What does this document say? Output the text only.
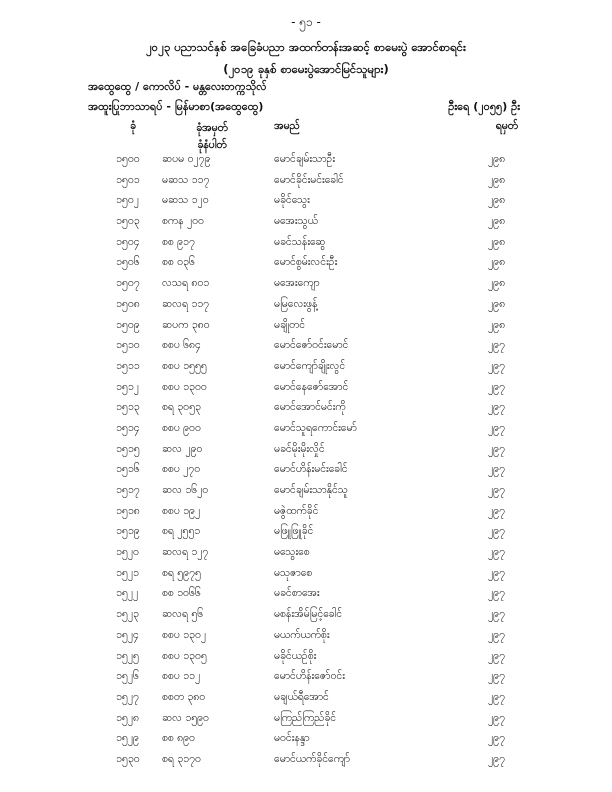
- ၅၁ -
၂၀၂၃ ပညာသင်နှစ် အခြေခံပညာ အထက်တန်းအဆင့် စာမေးပွဲ အောင်စာရင်း
(၂၀၁၉ ခုနှစ် စာမေးပွဲအောင်မြင်သူများ)
အထွေထွေ / ကောလိပ် - မန္တလေးတက္ကသိုလ်
အထူးပြုဘာသာရပ် - မြန်မာစာ(အထွေထွေ)	ဦးရေ (၂၀၅၅) ဦး
ခုံ	ခုံအမှတ်
ခုံနံပါတ်
အမည်	ရမှတ်
၁၅၀၀ ဆပမ ၀၂၇၉	မောင်ချမ်းသာဦး	၂၉၈
၁၅၀၁ မဆသ ၁၁၇	မောင်ခိုင်းမင်းခေါင်	၂၉၈
၁၅၀၂ မဆသ ၁၂၀	မခိုင်သွေး	၂၉၈
၁၅၀၃ စကန ၂၀၀	မအေးသွယ်	၂၉၈
၁၅၀၄ စစ ၉၁၇	မခင်သန်းဆွေ	၂၉၈
၁၅၀၆ စစ ၀၃၆	မောင်စွမ်းလင်းဦး	၂၉၈
၁၅၀၇ လသရ ၈၀၁	မအေးကျော	၂၉၈
၁၅၀၈ ဆလရ ၁၁၇	မမြလေးဖွန့်	၂၉၈
၁၅၀၉ ဆပက ၃၈၀	မချိုတင်	၂၉၈
၁၅၁၀ စစပ ၆၈၄	မောင်ဇော်ဝင်းမောင်	၂၉၇
၁၅၁၁ စစပ ၁၅၅၅	မောင်ကျော်ချိုးလွင်	၂၉၇
၁၅၁၂ စစပ ၁၃၀၀	မောင်နေဇော်အောင်	၂၉၇
၁၅၁၃ စရ ၃၀၅၃	မောင်အောင်မင်းကို	၂၉၇
၁၅၁၄ စစပ ၉၀၀	မောင်သူရကောင်းမော်	၂၉၇
၁၅၁၅ ဆလ ၂၉၀	မခင်မိုးမိုးလှိုင်	၂၉၇
၁၅၁၆ စစပ ၂၇၀	မောင်ဟိန်းမင်းခေါင်	၂၉၇
၁၅၁၇ ဆလ ၁၆၂၀	မောင်ချမ်းသာနိုင်သူ	၂၉၇
၁၅၁၈ စစပ ၁၉၂	မဇွဲထက်ခိုင်	၂၉၇
၁၅၁၉ စရ ၂၅၅၁	မဖြူဖြူခိုင်	၂၉၇
၁၅၂၀ ဆလရ ၁၂၇	မသွေးစေ	၂၉၇
၁၅၂၁ စရ ၅၉၇၅	မသုဇာစေ	၂၉၇
၁၅၂၂ စစ ၁၀၆၆	မခင်စာအေး	၂၉၇
၁၅၂၃ ဆလရ ၅၆	မစန်းအိမ်မြင့်ခေါင်	၂၉၇
၁၅၂၄ စစပ ၁၃၀၂	မယက်ယက်စိုး	၂၉၇
၁၅၂၅ စစပ ၁၃၀၅	မခိုင်ယဉ်စိုး	၂၉၇
၁၅၂၆ စစပ ၁၁၂	မောင်ဟိန်းဇော်ဝင်း	၂၉၇
၁၅၂၇ စစတ ၃၈၀	မချယ်ရီအောင်	၂၉၇
၁၅၂၈ ဆလ ၁၅၉၀	မကြည်ကြည်ခိုင်	၂၉၇
၁၅၂၉ စစ ၈၉၀	မဝင်းနန္ဒာ	၂၉၇
၁၅၃၀ စရ ၃၁၇၀	မောင်ယက်ခိုင်ကျော်	၂၉၇
